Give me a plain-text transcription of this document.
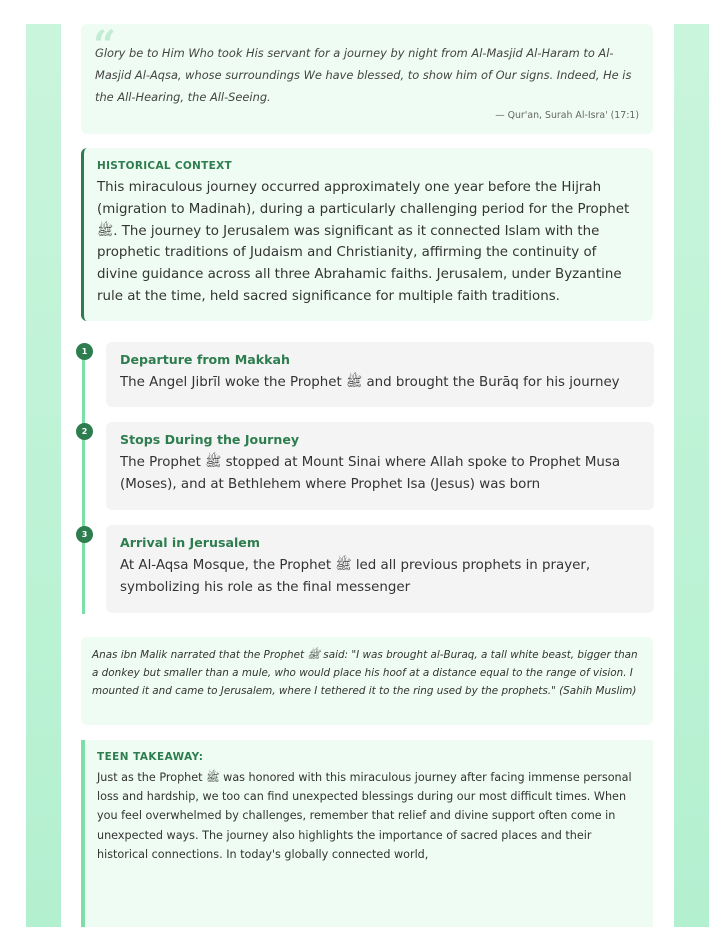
“

Glory be to Him Who took His servant for a journey by night from Al-Masjid Al-Haram to Al-Masjid Al-Aqsa, whose surroundings We have blessed, to show him of Our signs. Indeed, He is the All-Hearing, the All-Seeing.

— Qur'an, Surah Al-Isra' (17:1)

HISTORICAL CONTEXT

This miraculous journey occurred approximately one year before the Hijrah (migration to Madinah), during a particularly challenging period for the Prophet ﷺ. The journey to Jerusalem was significant as it connected Islam with the prophetic traditions of Judaism and Christianity, affirming the continuity of divine guidance across all three Abrahamic faiths. Jerusalem, under Byzantine rule at the time, held sacred significance for multiple faith traditions.

1
Departure from Makkah

The Angel Jibrīl woke the Prophet ﷺ and brought the Burāq for his journey

2
Stops During the Journey

The Prophet ﷺ stopped at Mount Sinai where Allah spoke to Prophet Musa (Moses), and at Bethlehem where Prophet Isa (Jesus) was born

3
Arrival in Jerusalem

At Al-Aqsa Mosque, the Prophet ﷺ led all previous prophets in prayer, symbolizing his role as the final messenger

Anas ibn Malik narrated that the Prophet ﷺ said: "I was brought al-Buraq, a tall white beast, bigger than a donkey but smaller than a mule, who would place his hoof at a distance equal to the range of vision. I mounted it and came to Jerusalem, where I tethered it to the ring used by the prophets." (Sahih Muslim)

TEEN TAKEAWAY:

Just as the Prophet ﷺ was honored with this miraculous journey after facing immense personal loss and hardship, we too can find unexpected blessings during our most difficult times. When you feel overwhelmed by challenges, remember that relief and divine support often come in unexpected ways. The journey also highlights the importance of sacred places and their historical connections. In today's globally connected world,
